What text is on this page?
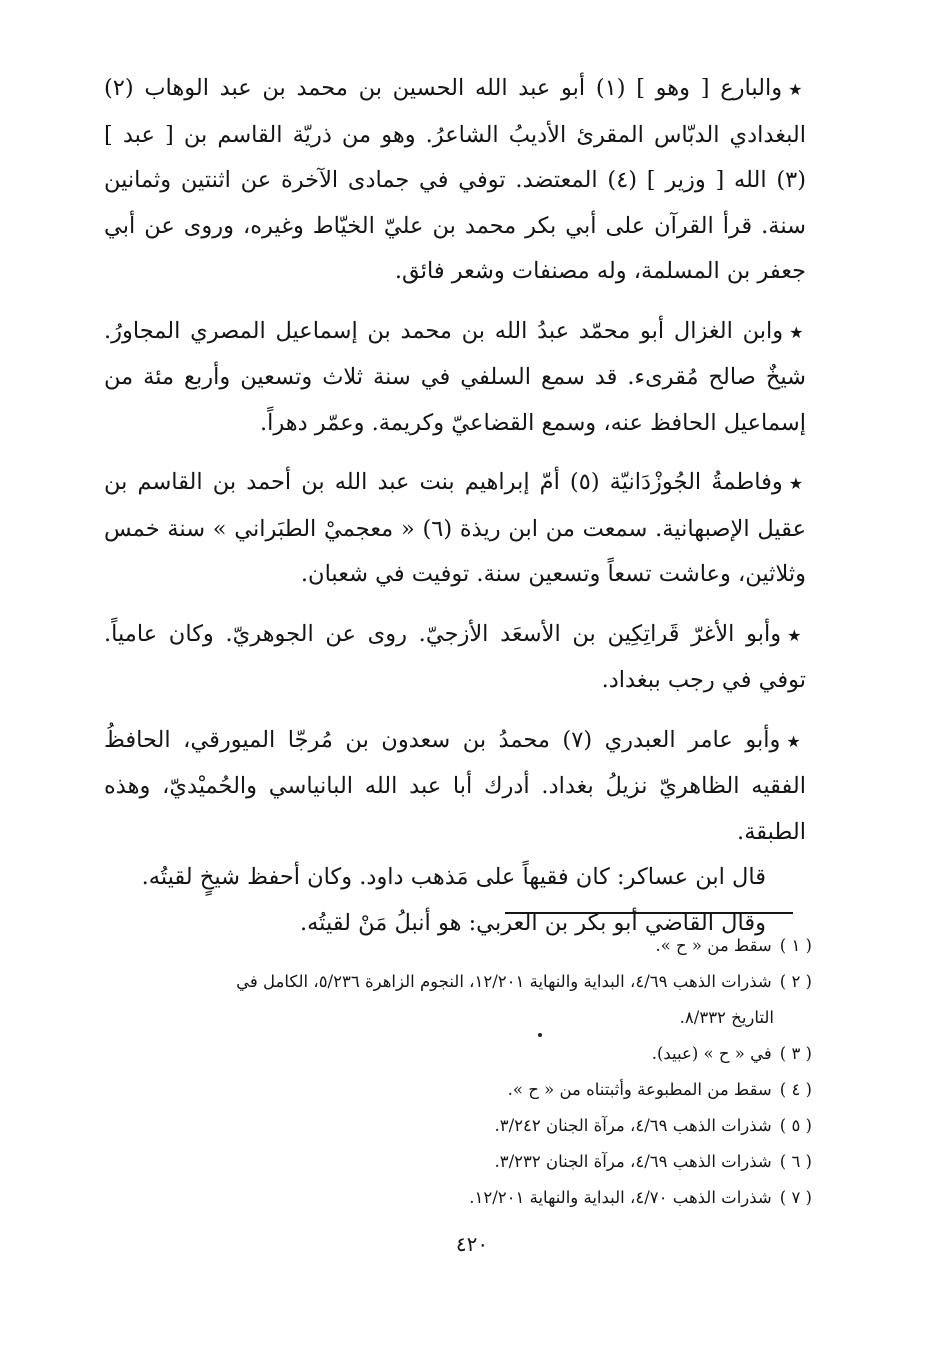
★والبارع [ وهو ] (١) أبو عبد الله الحسين بن محمد بن عبد الوهاب (٢) البغدادي الدبّاس المقرئ الأديبُ الشاعرُ. وهو من ذريّة القاسم بن [ عبد ] (٣) الله [ وزير ] (٤) المعتضد. توفي في جمادى الآخرة عن اثنتين وثمانين سنة. قرأ القرآن على أبي بكر محمد بن عليّ الخيّاط وغيره، وروى عن أبي جعفر بن المسلمة، وله مصنفات وشعر فائق.

★وابن الغزال أبو محمّد عبدُ الله بن محمد بن إسماعيل المصري المجاورُ. شيخٌ صالح مُقرىء. قد سمع السلفي في سنة ثلاث وتسعين وأربع مئة من إسماعيل الحافظ عنه، وسمع القضاعيّ وكريمة. وعمّر دهراً.

★وفاطمةُ الجُوزْدَانيّة (٥) أمّ إبراهيم بنت عبد الله بن أحمد بن القاسم بن عقيل الإصبهانية. سمعت من ابن ريذة (٦) « معجميْ الطبَراني » سنة خمس وثلاثين، وعاشت تسعاً وتسعين سنة. توفيت في شعبان.

★وأبو الأغرّ قَراتِكِين بن الأسعَد الأزجيّ. روى عن الجوهريّ. وكان عامياً. توفي في رجب ببغداد.

★وأبو عامر العبدري (٧) محمدُ بن سعدون بن مُرجّا الميورقي، الحافظُ الفقيه الظاهريّ نزيلُ بغداد. أدرك أبا عبد الله البانياسي والحُميْديّ، وهذه الطبقة.

قال ابن عساكر: كان فقيهاً على مَذهب داود. وكان أحفظ شيخٍ لقيتُه.

وقال القاضي أبو بكر بن العربي: هو أنبلُ مَنْ لقيتُه.

( ١ )سقط من « ح ».

( ٢ )شذرات الذهب ٤/٦٩، البداية والنهاية ١٢/٢٠١، النجوم الزاهرة ٥/٢٣٦، الكامل في
التاريخ ٨/٣٣٢.

( ٣ )في « ح » (عبيد).

( ٤ )سقط من المطبوعة وأثبتناه من « ح ».

( ٥ )شذرات الذهب ٤/٦٩، مرآة الجنان ٣/٢٤٢.

( ٦ )شذرات الذهب ٤/٦٩، مرآة الجنان ٣/٢٣٢.

( ٧ )شذرات الذهب ٤/٧٠، البداية والنهاية ١٢/٢٠١.

٤٢٠
